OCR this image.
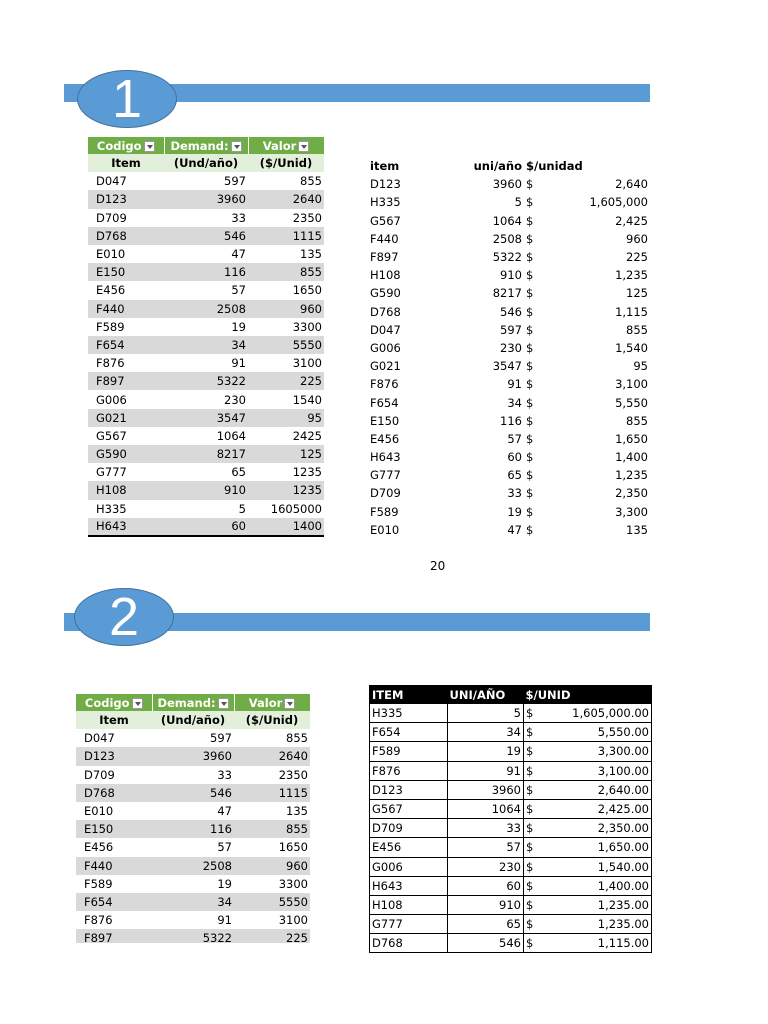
1
Codigo	Demand:	Valor
Item	(Und/año)	($/Unid)
D047	597	855
D123	3960	2640
D709	33	2350
D768	546	1115
E010	47	135
E150	116	855
E456	57	1650
F440	2508	960
F589	19	3300
F654	34	5550
F876	91	3100
F897	5322	225
G006	230	1540
G021	3547	95
G567	1064	2425
G590	8217	125
G777	65	1235
H108	910	1235
H335	5	1605000
H643	60	1400
item	uni/año	$/unidad	
D123	3960	$	2,640
H335	5	$	1,605,000
G567	1064	$	2,425
F440	2508	$	960
F897	5322	$	225
H108	910	$	1,235
G590	8217	$	125
D768	546	$	1,115
D047	597	$	855
G006	230	$	1,540
G021	3547	$	95
F876	91	$	3,100
F654	34	$	5,550
E150	116	$	855
E456	57	$	1,650
H643	60	$	1,400
G777	65	$	1,235
D709	33	$	2,350
F589	19	$	3,300
E010	47	$	135
20
2
Codigo	Demand:	Valor
Item	(Und/año)	($/Unid)
D047	597	855
D123	3960	2640
D709	33	2350
D768	546	1115
E010	47	135
E150	116	855
E456	57	1650
F440	2508	960
F589	19	3300
F654	34	5550
F876	91	3100
F897	5322	225
ITEM	UNI/AÑO	$/UNID
H335	5	$ 1,605,000.00
F654	34	$ 5,550.00
F589	19	$ 3,300.00
F876	91	$ 3,100.00
D123	3960	$ 2,640.00
G567	1064	$ 2,425.00
D709	33	$ 2,350.00
E456	57	$ 1,650.00
G006	230	$ 1,540.00
H643	60	$ 1,400.00
H108	910	$ 1,235.00
G777	65	$ 1,235.00
D768	546	$ 1,115.00
